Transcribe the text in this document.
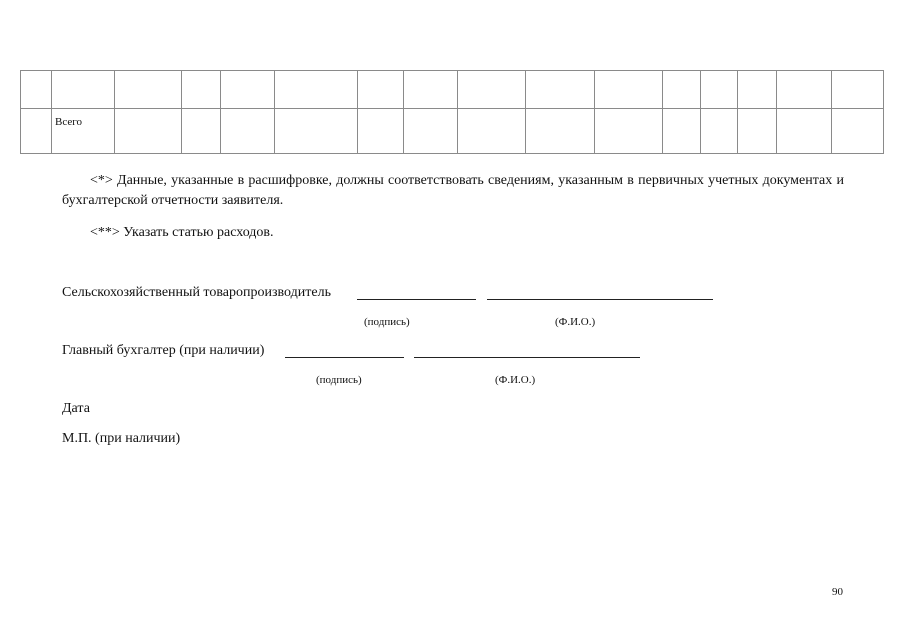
	Всего														
<*> Данные, указанные в расшифровке, должны соответствовать сведениям, указанным в первичных учетных документах и бухгалтерской отчетности заявителя.
<**> Указать статью расходов.
Сельскохозяйственный товаропроизводитель
(подпись)	(Ф.И.О.)
Главный бухгалтер (при наличии)
(подпись)	(Ф.И.О.)
Дата
М.П. (при наличии)
90
